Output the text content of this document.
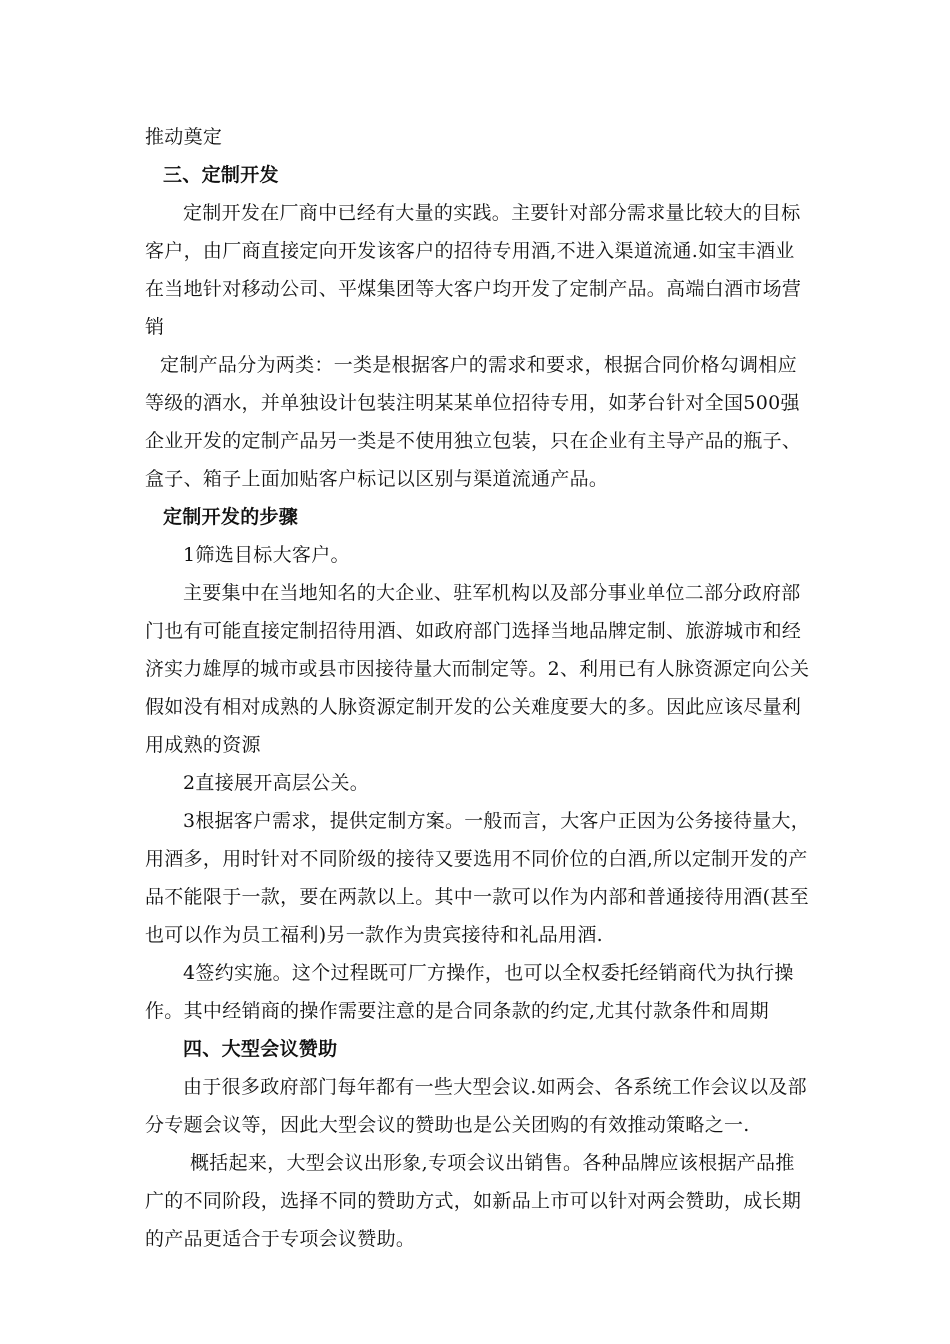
推动奠定
三、定制开发
定制开发在厂商中已经有大量的实践。主要针对部分需求量比较大的目标
客户，由厂商直接定向开发该客户的招待专用酒,不进入渠道流通.如宝丰酒业
在当地针对移动公司、平煤集团等大客户均开发了定制产品。高端白酒市场营
销
定制产品分为两类：一类是根据客户的需求和要求，根据合同价格勾调相应
等级的酒水，并单独设计包装注明某某单位招待专用，如茅台针对全国500强
企业开发的定制产品另一类是不使用独立包装，只在企业有主导产品的瓶子、
盒子、箱子上面加贴客户标记以区别与渠道流通产品。
定制开发的步骤
1筛选目标大客户。
主要集中在当地知名的大企业、驻军机构以及部分事业单位二部分政府部
门也有可能直接定制招待用酒、如政府部门选择当地品牌定制、旅游城市和经
济实力雄厚的城市或县市因接待量大而制定等。2、利用已有人脉资源定向公关
假如没有相对成熟的人脉资源定制开发的公关难度要大的多。因此应该尽量利
用成熟的资源
2直接展开高层公关。
3根据客户需求，提供定制方案。一般而言，大客户正因为公务接待量大，
用酒多，用时针对不同阶级的接待又要选用不同价位的白酒,所以定制开发的产
品不能限于一款，要在两款以上。其中一款可以作为内部和普通接待用酒(甚至
也可以作为员工福利)另一款作为贵宾接待和礼品用酒.
4签约实施。这个过程既可厂方操作，也可以全权委托经销商代为执行操
作。其中经销商的操作需要注意的是合同条款的约定,尤其付款条件和周期
四、大型会议赞助
由于很多政府部门每年都有一些大型会议.如两会、各系统工作会议以及部
分专题会议等，因此大型会议的赞助也是公关团购的有效推动策略之一.
概括起来，大型会议出形象,专项会议出销售。各种品牌应该根据产品推
广的不同阶段，选择不同的赞助方式，如新品上市可以针对两会赞助，成长期
的产品更适合于专项会议赞助。
